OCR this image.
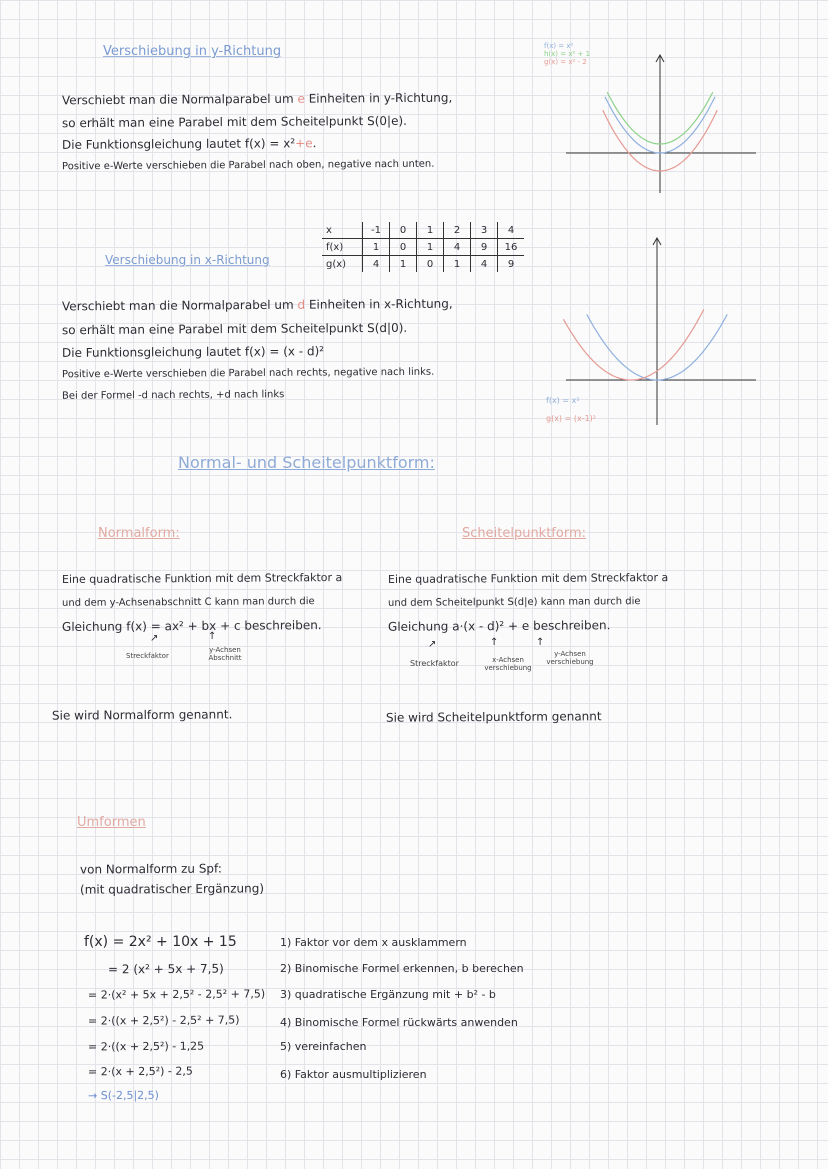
Verschiebung in y-Richtung
Verschiebt man die Normalparabel um e Einheiten in y-Richtung,
so erhält man eine Parabel mit dem Scheitelpunkt S(0|e).
Die Funktionsgleichung lautet f(x) = x²+e.
Positive e-Werte verschieben die Parabel nach oben, negative nach unten.
f(x) = x²
h(x) = x² + 1
g(x) = x² - 2
Verschiebung in x-Richtung
x	-1	0	1	2	3	4
f(x)	1	0	1	4	9	16
g(x)	4	1	0	1	4	9
Verschiebt man die Normalparabel um d Einheiten in x-Richtung,
so erhält man eine Parabel mit dem Scheitelpunkt S(d|0).
Die Funktionsgleichung lautet f(x) = (x - d)²
Positive e-Werte verschieben die Parabel nach rechts, negative nach links.
Bei der Formel -d nach rechts, +d nach links	f(x) = x²
g(x) = (x-1)²
Normal- und Scheitelpunktform:
Normalform:	Scheitelpunktform:
Eine quadratische Funktion mit dem Streckfaktor a
und dem y-Achsenabschnitt C kann man durch die
Gleichung f(x) = ax² + bx + c beschreiben.
↗	↑
Streckfaktor
y-Achsen Abschnitt
Sie wird Normalform genannt.
Eine quadratische Funktion mit dem Streckfaktor a
und dem Scheitelpunkt S(d|e) kann man durch die
Gleichung a·(x - d)² + e beschreiben.
↗	↑	↑
Streckfaktor	x-Achsen verschiebung
y-Achsen verschiebung
Sie wird Scheitelpunktform genannt
Umformen
von Normalform zu Spf:
(mit quadratischer Ergänzung)
f(x) = 2x² + 10x + 15
= 2 (x² + 5x + 7,5)
= 2·(x² + 5x + 2,5² - 2,5² + 7,5)
= 2·((x + 2,5²) - 2,5² + 7,5)
= 2·((x + 2,5²) - 1,25
= 2·(x + 2,5²) - 2,5
→ S(-2,5|2,5)
1) Faktor vor dem x ausklammern
2) Binomische Formel erkennen, b berechen
3) quadratische Ergänzung mit + b² - b
4) Binomische Formel rückwärts anwenden
5) vereinfachen
6) Faktor ausmultiplizieren
